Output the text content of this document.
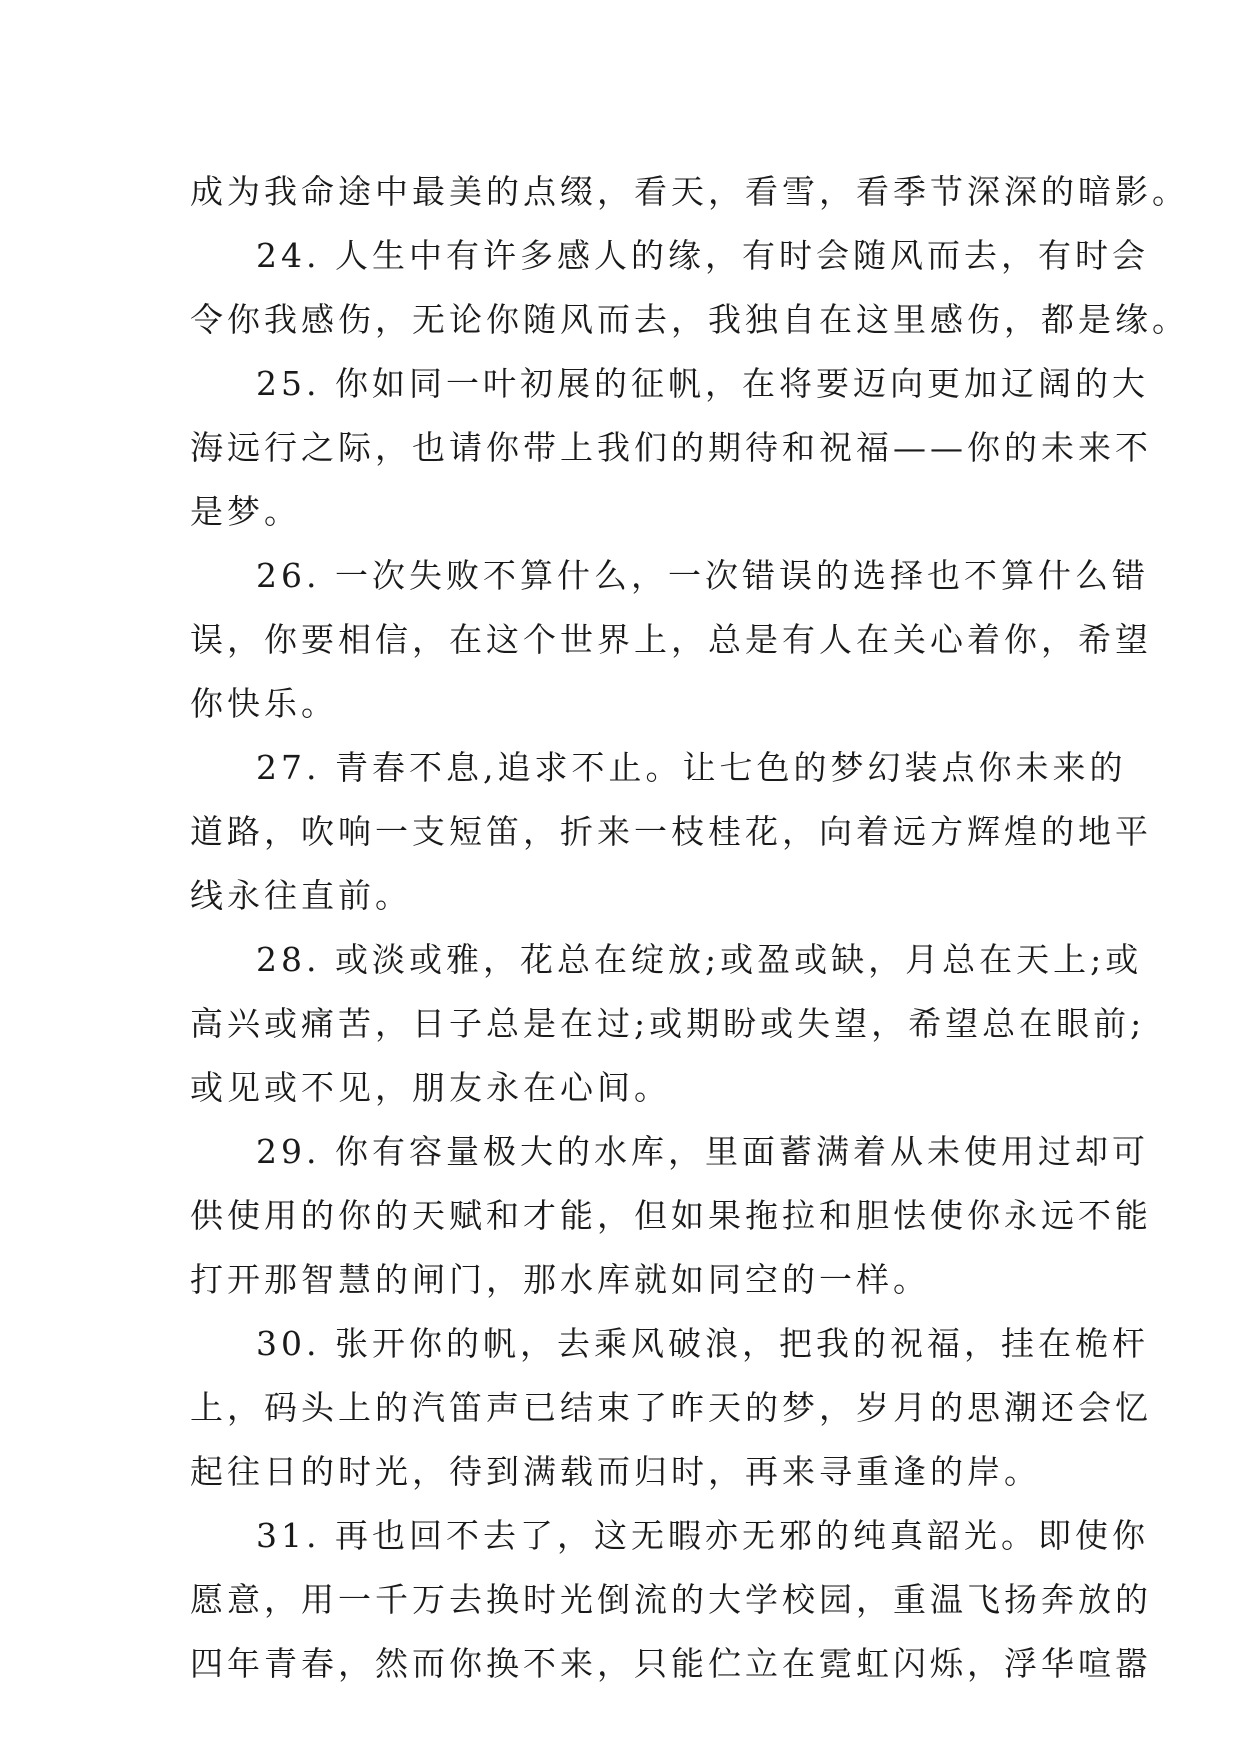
成为我命途中最美的点缀，看天，看雪，看季节深深的暗影。
24. 人生中有许多感人的缘，有时会随风而去，有时会
令你我感伤，无论你随风而去，我独自在这里感伤，都是缘。
25. 你如同一叶初展的征帆，在将要迈向更加辽阔的大
海远行之际，也请你带上我们的期待和祝福——你的未来不
是梦。
26. 一次失败不算什么，一次错误的选择也不算什么错
误，你要相信，在这个世界上，总是有人在关心着你，希望
你快乐。
27. 青春不息,追求不止。让七色的梦幻装点你未来的
道路，吹响一支短笛，折来一枝桂花，向着远方辉煌的地平
线永往直前。
28. 或淡或雅，花总在绽放;或盈或缺，月总在天上;或
高兴或痛苦，日子总是在过;或期盼或失望，希望总在眼前;
或见或不见，朋友永在心间。
29. 你有容量极大的水库，里面蓄满着从未使用过却可
供使用的你的天赋和才能，但如果拖拉和胆怯使你永远不能
打开那智慧的闸门，那水库就如同空的一样。
30. 张开你的帆，去乘风破浪，把我的祝福，挂在桅杆
上，码头上的汽笛声已结束了昨天的梦，岁月的思潮还会忆
起往日的时光，待到满载而归时，再来寻重逢的岸。
31. 再也回不去了，这无暇亦无邪的纯真韶光。即使你
愿意，用一千万去换时光倒流的大学校园，重温飞扬奔放的
四年青春，然而你换不来，只能伫立在霓虹闪烁，浮华喧嚣
